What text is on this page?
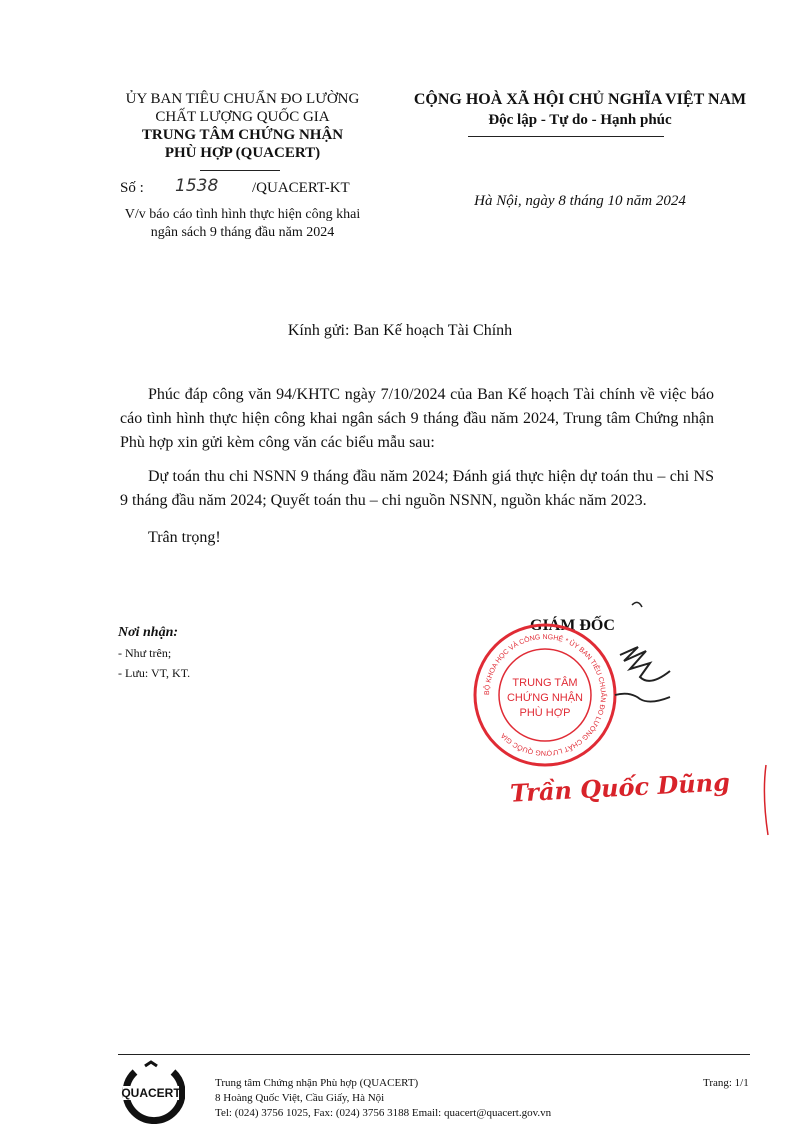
ỦY BAN TIÊU CHUẨN ĐO LƯỜNG
CHẤT LƯỢNG QUỐC GIA
TRUNG TÂM CHỨNG NHẬN
PHÙ HỢP (QUACERT)
CỘNG HOÀ XÃ HỘI CHỦ NGHĨA VIỆT NAM
Độc lập - Tự do - Hạnh phúc
Số : 1538 /QUACERT-KT
V/v báo cáo tình hình thực hiện công khai
ngân sách 9 tháng đầu năm 2024
Hà Nội, ngày 8 tháng 10 năm 2024
Kính gửi: Ban Kế hoạch Tài Chính

Phúc đáp công văn 94/KHTC ngày 7/10/2024 của Ban Kế hoạch Tài chính về việc báo cáo tình hình thực hiện công khai ngân sách 9 tháng đầu năm 2024, Trung tâm Chứng nhận Phù hợp xin gửi kèm công văn các biểu mẫu sau:

Dự toán thu chi NSNN 9 tháng đầu năm 2024; Đánh giá thực hiện dự toán thu – chi NS 9 tháng đầu năm 2024; Quyết toán thu – chi nguồn NSNN, nguồn khác năm 2023.

Trân trọng!

Nơi nhận:
- Như trên;
- Lưu: VT, KT.
GIÁM ĐỐC
BỘ KHOA HỌC VÀ CÔNG NGHỆ * ỦY BAN TIÊU CHUẨN ĐO LƯỜNG CHẤT LƯỢNG QUỐC GIA
TRUNG TÂM
CHỨNG NHẬN
PHÙ HỢP
Trần Quốc Dũng
QUACERT
Trung tâm Chứng nhận Phù hợp (QUACERT)
8 Hoàng Quốc Việt, Cầu Giấy, Hà Nội
Tel: (024) 3756 1025, Fax: (024) 3756 3188 Email: quacert@quacert.gov.vn
Trang: 1/1
